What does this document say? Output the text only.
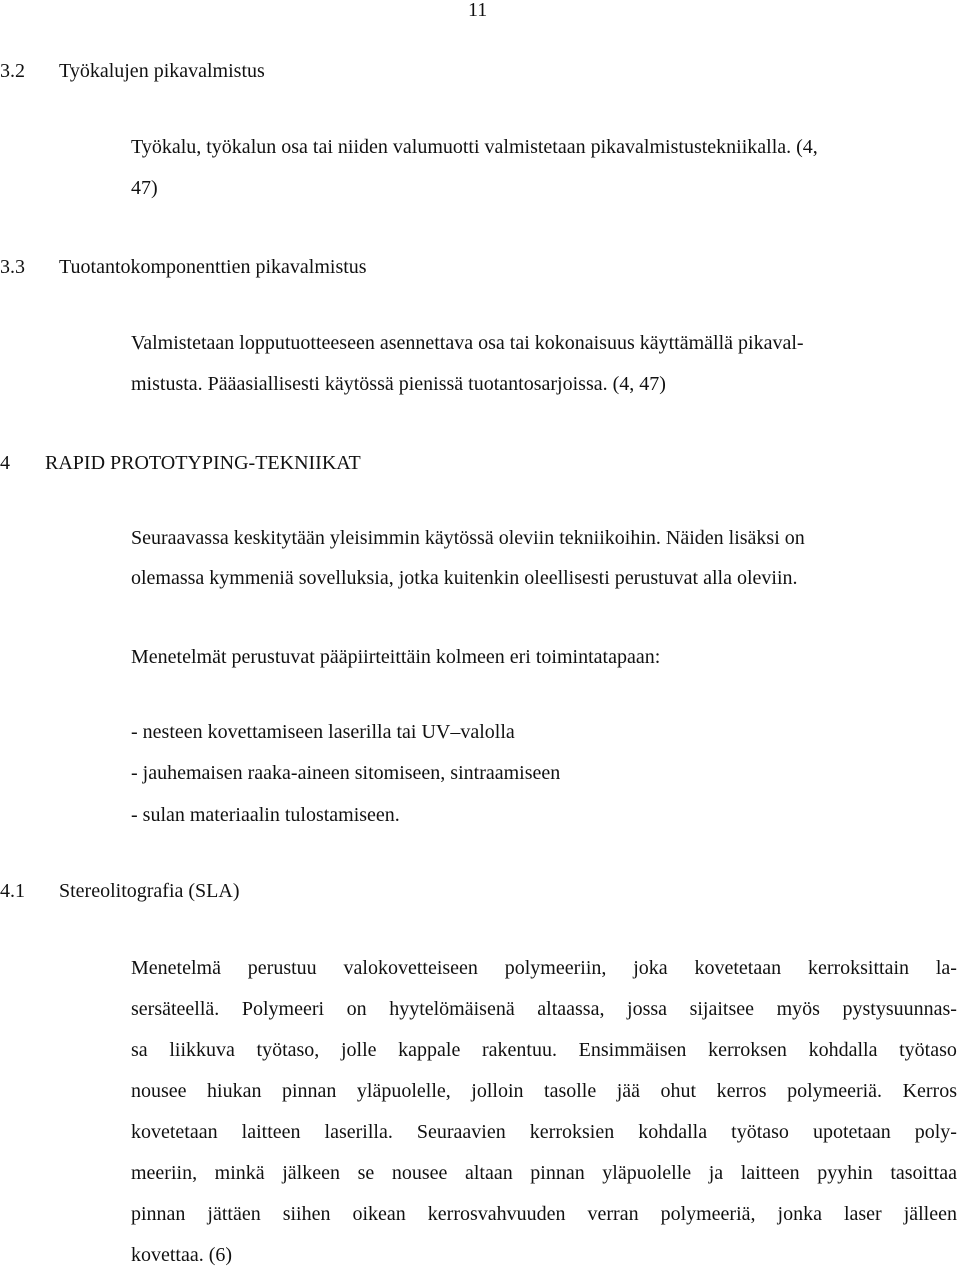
11
3.2 Työkalujen pikavalmistus
Työkalu, työkalun osa tai niiden valumuotti valmistetaan pikavalmistustekniikalla. (4,
47)
3.3 Tuotantokomponenttien pikavalmistus
Valmistetaan lopputuotteeseen asennettava osa tai kokonaisuus käyttämällä pikaval-
mistusta. Pääasiallisesti käytössä pienissä tuotantosarjoissa. (4, 47)
4 RAPID PROTOTYPING-TEKNIIKAT
Seuraavassa keskitytään yleisimmin käytössä oleviin tekniikoihin. Näiden lisäksi on
olemassa kymmeniä sovelluksia, jotka kuitenkin oleellisesti perustuvat alla oleviin.
Menetelmät perustuvat pääpiirteittäin kolmeen eri toimintatapaan:
- nesteen kovettamiseen laserilla tai UV–valolla
- jauhemaisen raaka-aineen sitomiseen, sintraamiseen
- sulan materiaalin tulostamiseen.
4.1 Stereolitografia (SLA)
Menetelmä perustuu valokovetteiseen polymeeriin, joka kovetetaan kerroksittain la-
sersäteellä. Polymeeri on hyytelömäisenä altaassa, jossa sijaitsee myös pystysuunnas-
sa liikkuva työtaso, jolle kappale rakentuu. Ensimmäisen kerroksen kohdalla työtaso
nousee hiukan pinnan yläpuolelle, jolloin tasolle jää ohut kerros polymeeriä. Kerros
kovetetaan laitteen laserilla. Seuraavien kerroksien kohdalla työtaso upotetaan poly-
meeriin, minkä jälkeen se nousee altaan pinnan yläpuolelle ja laitteen pyyhin tasoittaa
pinnan jättäen siihen oikean kerrosvahvuuden verran polymeeriä, jonka laser jälleen
kovettaa. (6)
